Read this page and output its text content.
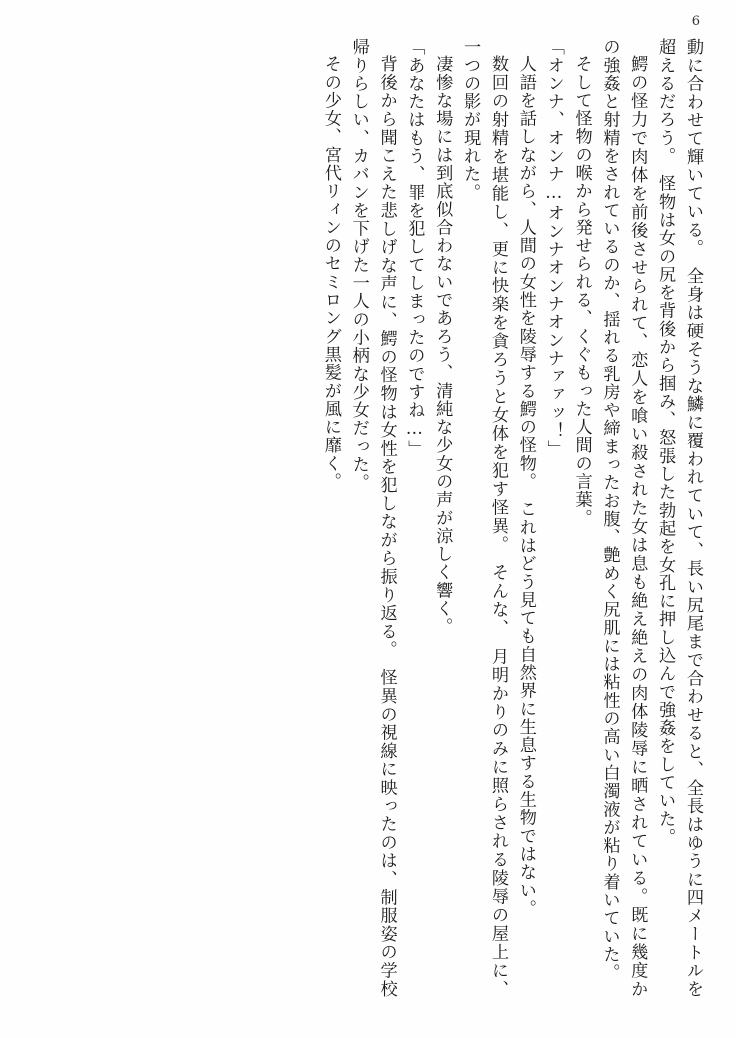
6

動に合わせて輝いている。　全身は硬そうな鱗に覆われていて、長い尻尾まで合わせると、全長はゆうに四メートルを超えるだろう。　怪物は女の尻を背後から掴み、怒張した勃起を女孔に押し込んで強姦をしていた。

鰐の怪力で肉体を前後させられて、恋人を喰い殺された女は息も絶え絶えの肉体陵辱に晒されている。既に幾度かの強姦と射精をされているのか、揺れる乳房や締まったお腹、艶めく尻肌には粘性の高い白濁液が粘り着いていた。

そして怪物の喉から発せられる、くぐもった人間の言葉。

「オンナ、オンナ…オンナオンナオンナァァッ！」

人語を話しながら、人間の女性を陵辱する鰐の怪物。　これはどう見ても自然界に生息する生物ではない。

数回の射精を堪能し、更に快楽を貪ろうと女体を犯す怪異。　そんな、　月明かりのみに照らされる陵辱の屋上に、一つの影が現れた。

凄惨な場には到底似合わないであろう、清純な少女の声が涼しく響く。

「あなたはもう、罪を犯してしまったのですね…」

背後から聞こえた悲しげな声に、鰐の怪物は女性を犯しながら振り返る。　怪異の視線に映ったのは、制服姿の学校帰りらしい、カバンを下げた一人の小柄な少女だった。

その少女、宮代リィンのセミロング黒髪が風に靡く。
